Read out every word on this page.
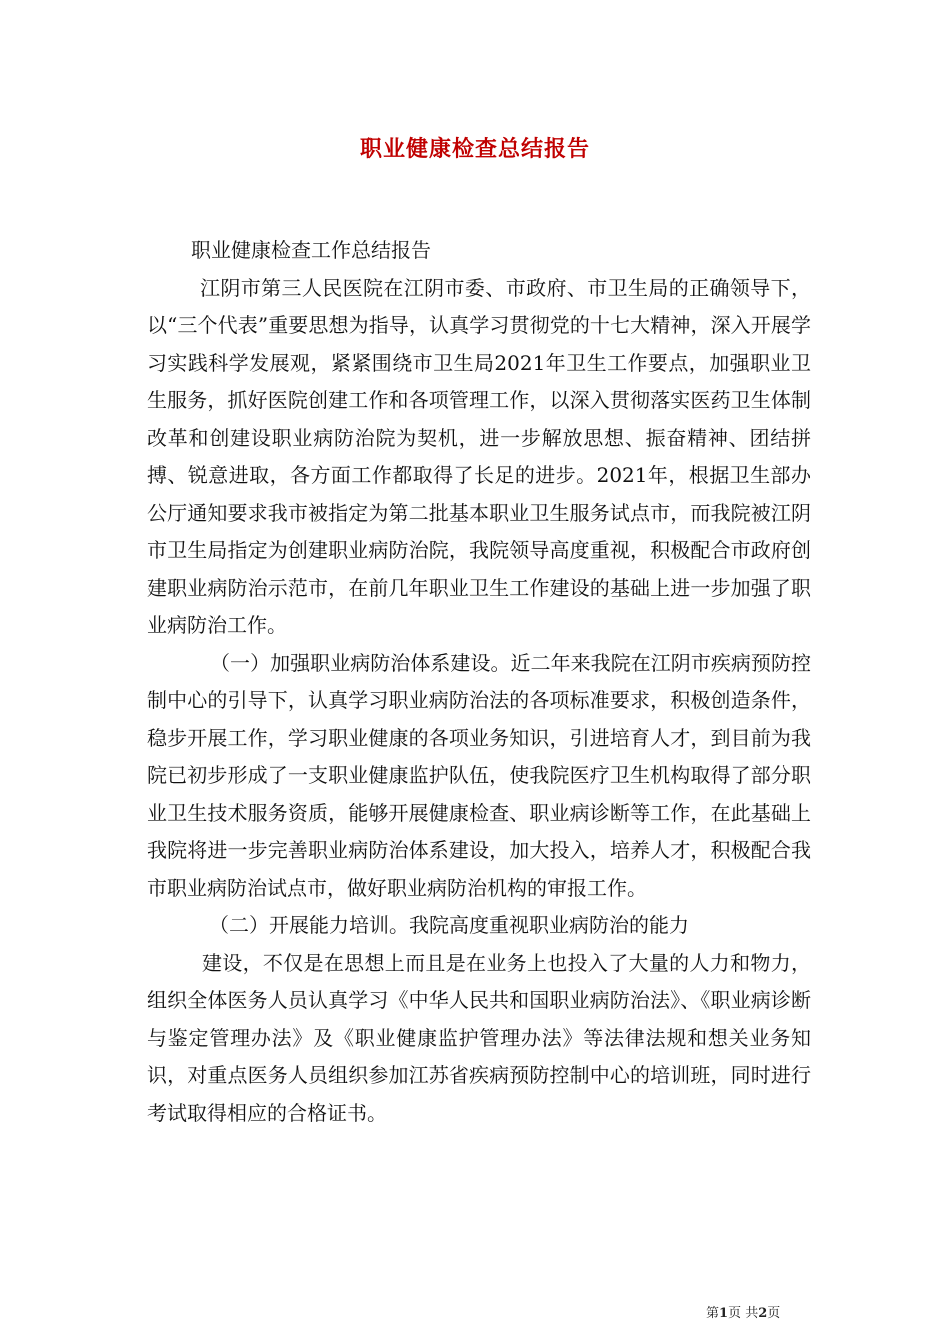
职业健康检查总结报告

职业健康检查工作总结报告

江阴市第三人民医院在江阴市委、市政府、市卫生局的正确领导下，以“三个代表”重要思想为指导，认真学习贯彻党的十七大精神，深入开展学习实践科学发展观，紧紧围绕市卫生局2021年卫生工作要点，加强职业卫生服务，抓好医院创建工作和各项管理工作，以深入贯彻落实医药卫生体制改革和创建设职业病防治院为契机，进一步解放思想、振奋精神、团结拼搏、锐意进取，各方面工作都取得了长足的进步。2021年，根据卫生部办公厅通知要求我市被指定为第二批基本职业卫生服务试点市，而我院被江阴市卫生局指定为创建职业病防治院，我院领导高度重视，积极配合市政府创建职业病防治示范市，在前几年职业卫生工作建设的基础上进一步加强了职业病防治工作。

（一）加强职业病防治体系建设。近二年来我院在江阴市疾病预防控制中心的引导下，认真学习职业病防治法的各项标准要求，积极创造条件，稳步开展工作，学习职业健康的各项业务知识，引进培育人才，到目前为我院已初步形成了一支职业健康监护队伍，使我院医疗卫生机构取得了部分职业卫生技术服务资质，能够开展健康检查、职业病诊断等工作，在此基础上我院将进一步完善职业病防治体系建设，加大投入，培养人才，积极配合我市职业病防治试点市，做好职业病防治机构的审报工作。

（二）开展能力培训。我院高度重视职业病防治的能力

建设，不仅是在思想上而且是在业务上也投入了大量的人力和物力，组织全体医务人员认真学习《中华人民共和国职业病防治法》、《职业病诊断与鉴定管理办法》及《职业健康监护管理办法》等法律法规和想关业务知识，对重点医务人员组织参加江苏省疾病预防控制中心的培训班，同时进行考试取得相应的合格证书。

第1页 共2页
